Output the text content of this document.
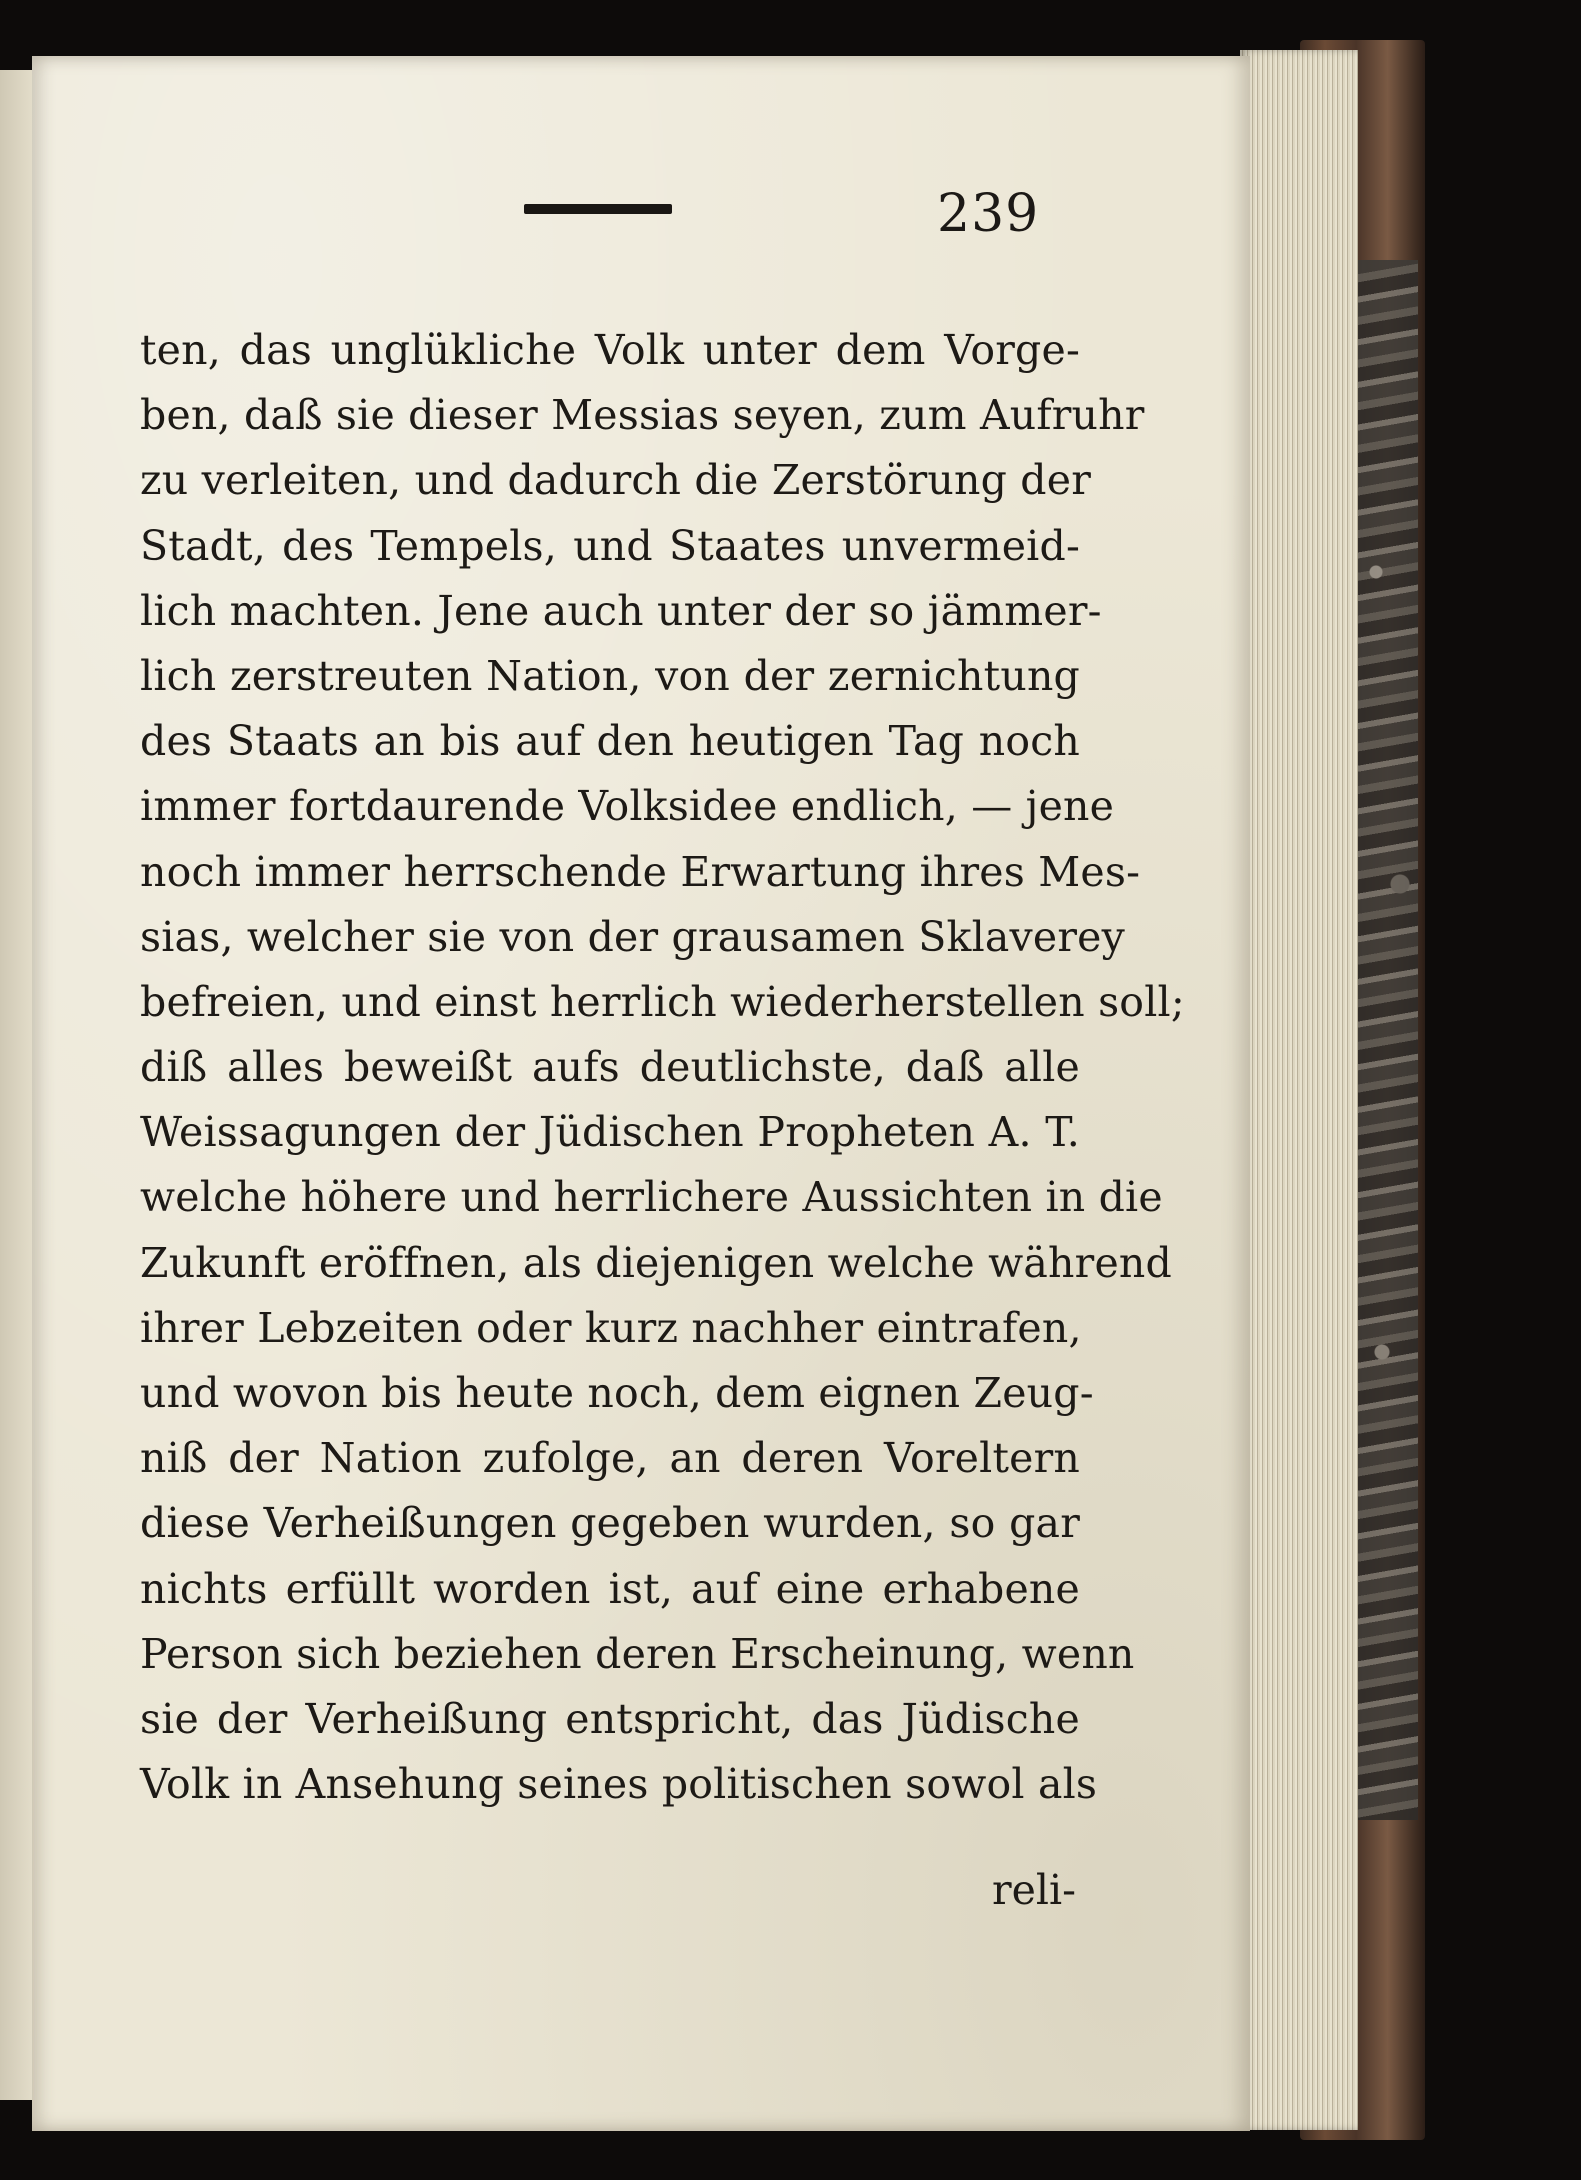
239
ten, das unglükliche Volk unter dem Vorge-
ben, daß sie dieser Messias seyen, zum Aufruhr
zu verleiten, und dadurch die Zerstörung der
Stadt, des Tempels, und Staates unvermeid-
lich machten. Jene auch unter der so jämmer-
lich zerstreuten Nation, von der zernichtung
des Staats an bis auf den heutigen Tag noch
immer fortdaurende Volksidee endlich, — jene
noch immer herrschende Erwartung ihres Mes-
sias, welcher sie von der grausamen Sklaverey
befreien, und einst herrlich wiederherstellen soll;
diß alles beweißt aufs deutlichste, daß alle
Weissagungen der Jüdischen Propheten A. T.
welche höhere und herrlichere Aussichten in die
Zukunft eröffnen, als diejenigen welche während
ihrer Lebzeiten oder kurz nachher eintrafen,
und wovon bis heute noch, dem eignen Zeug-
niß der Nation zufolge, an deren Voreltern
diese Verheißungen gegeben wurden, so gar
nichts erfüllt worden ist, auf eine erhabene
Person sich beziehen deren Erscheinung, wenn
sie der Verheißung entspricht, das Jüdische
Volk in Ansehung seines politischen sowol als
reli-
